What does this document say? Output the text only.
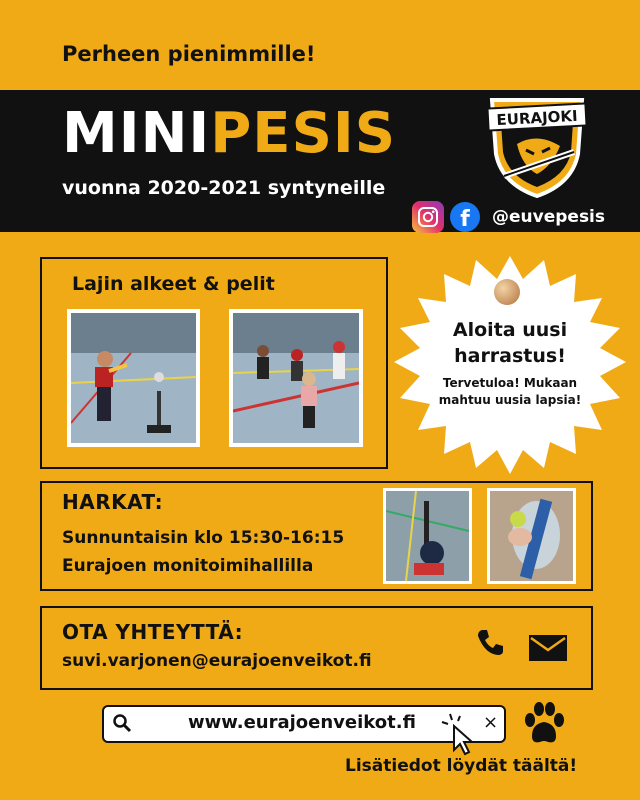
Perheen pienimmille!
MINIPESIS
vuonna 2020-2021 syntyneille
EURAJOKI
f	@euvepesis
Lajin alkeet & pelit
Aloita uusi harrastus!
Tervetuloa! Mukaan mahtuu uusia lapsia!
HARKAT:
Sunnuntaisin klo 15:30-16:15
Eurajoen monitoimihallilla
OTA YHTEYTTÄ:
suvi.varjonen@eurajoenveikot.fi
www.eurajoenveikot.fi	×
Lisätiedot löydät täältä!
